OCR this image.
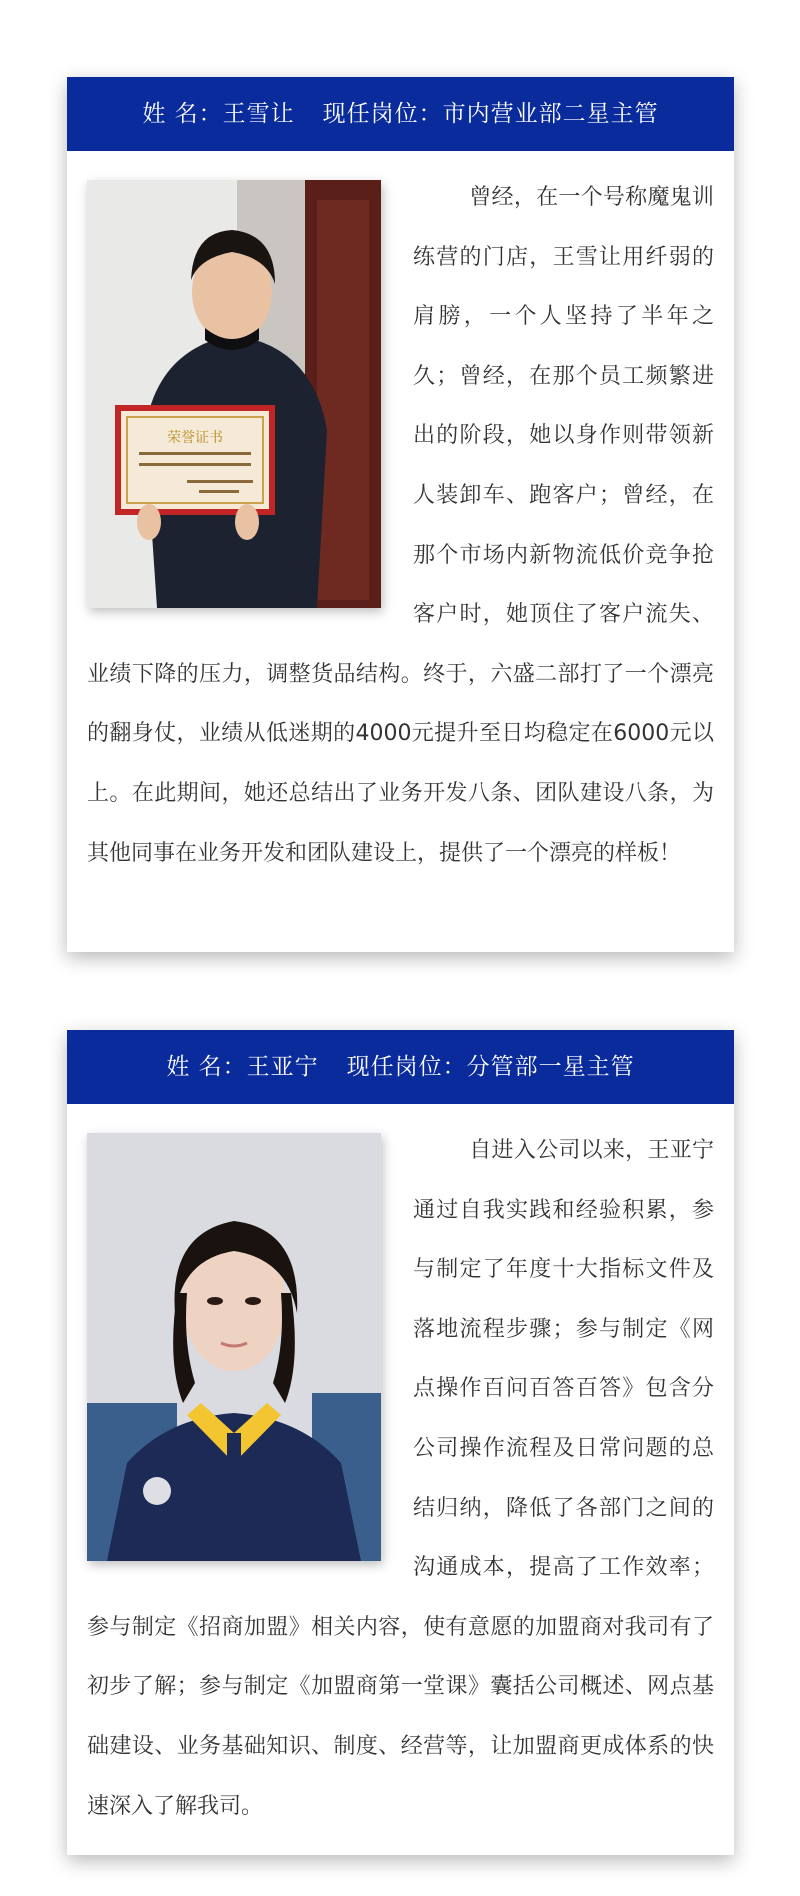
姓 名：王雪让 现任岗位：市内营业部二星主管
荣誉证书
曾经，在一个号称魔鬼训练营的门店，王雪让用纤弱的肩膀，一个人坚持了半年之久；曾经，在那个员工频繁进出的阶段，她以身作则带领新人装卸车、跑客户；曾经，在那个市场内新物流低价竞争抢客户时，她顶住了客户流失、业绩下降的压力，调整货品结构。终于，六盛二部打了一个漂亮的翻身仗，业绩从低迷期的4000元提升至日均稳定在6000元以上。在此期间，她还总结出了业务开发八条、团队建设八条，为其他同事在业务开发和团队建设上，提供了一个漂亮的样板！
姓 名：王亚宁 现任岗位：分管部一星主管
自进入公司以来，王亚宁通过自我实践和经验积累，参与制定了年度十大指标文件及落地流程步骤；参与制定《网点操作百问百答百答》包含分公司操作流程及日常问题的总结归纳，降低了各部门之间的沟通成本，提高了工作效率；参与制定《招商加盟》相关内容，使有意愿的加盟商对我司有了初步了解；参与制定《加盟商第一堂课》囊括公司概述、网点基础建设、业务基础知识、制度、经营等，让加盟商更成体系的快速深入了解我司。
